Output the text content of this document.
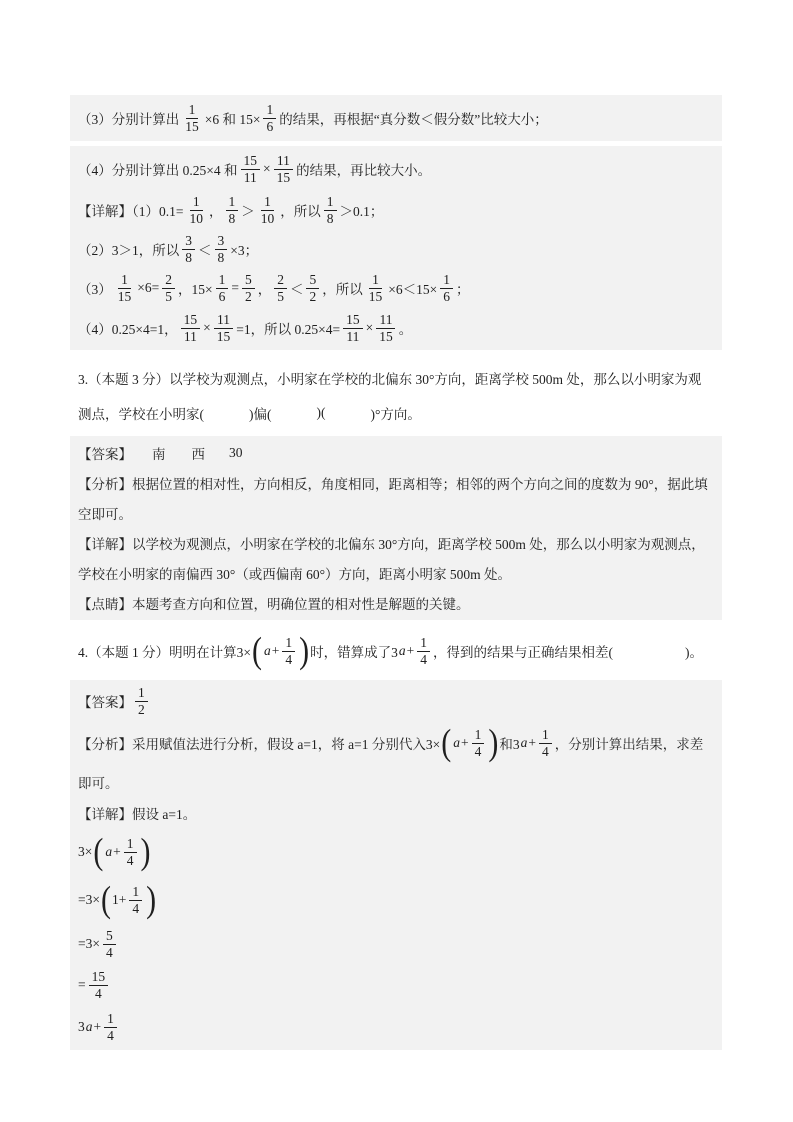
（3）分别计算出 $\frac{1}{15} \times 6$ 和 $15\times \frac{1}{6}$ 的结果，再根据“真分数＜假分数”比较大小；
（4）分别计算出 0.25×4 和 $\frac{15}{11} \times \frac{11}{15}$ 的结果，再比较大小。
【详解】$(1)0.1= \frac{1}{10}$ ， $\frac{1}{8} > \frac{1}{10}$ ，所以 $\frac{1}{8} >0.1$；
（2）3＞1，所以 $\frac{3}{8} < \frac{3}{8} \times 3$；
$(3) \frac{1}{15} \times 6= \frac{2}{5}$ ，$15\times \frac{1}{6} = \frac{5}{2}$ ， $\frac{2}{5} < \frac{5}{2}$ ，所以 $\frac{1}{15} \times 6<15\times \frac{1}{6}$ ；
（4）0.25×4=1， $\frac{15}{11} \times \frac{11}{15} =1$，所以 $0.25\times 4= \frac{15}{11} \times \frac{11}{15}$ 。
3.（本题 3 分）以学校为观测点，小明家在学校的北偏东 30°方向，距离学校 500m 处，那么以小明家为观
测点，学校在小明家(	)偏(	)(	)°方向。
【答案】 南 西 30
【分析】根据位置的相对性，方向相反，角度相同，距离相等；相邻的两个方向之间的度数为 90°，据此填
空即可。
【详解】以学校为观测点，小明家在学校的北偏东 30°方向，距离学校 500m 处，那么以小明家为观测点，
学校在小明家的南偏西 30°（或西偏南 60°）方向，距离小明家 500m 处。
【点睛】本题考查方向和位置，明确位置的相对性是解题的关键。
4.（本题 1 分）明明在计算3× ( $a + \frac{1}{4}$ ) 时，错算成了3 $a + \frac{1}{4}$ ，得到的结果与正确结果相差(	)。
【答案】 $\frac{1}{2}$
【分析】采用赋值法进行分析，假设 a=1，将 a=1 分别代入3× ( $a + \frac{1}{4}$ ) 和3 $a + \frac{1}{4}$ ，分别计算出结果，求差
即可。
【详解】假设 a=1。
3× ( $a + \frac{1}{4}$ )
=3× ( $1+ \frac{1}{4}$ )
$=3\times \frac{5}{4}$
= $\frac{15}{4}$
3 $a + \frac{1}{4}$
